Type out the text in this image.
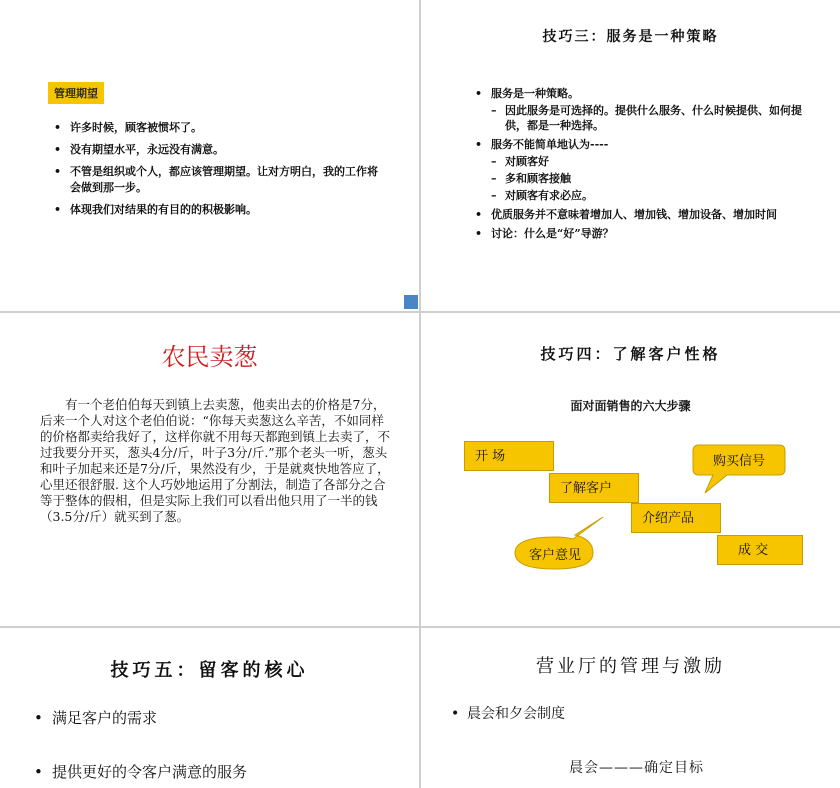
管理期望
• 许多时候，顾客被惯坏了。
• 没有期望水平，永远没有满意。
• 不管是组织或个人，都应该管理期望。让对方明白，我的工作将会做到那一步。
• 体现我们对结果的有目的的积极影响。
技巧三：服务是一种策略
• 服务是一种策略。
– 因此服务是可选择的。提供什么服务、什么时候提供、如何提供，都是一种选择。
• 服务不能简单地认为----
– 对顾客好
– 多和顾客接触
– 对顾客有求必应。
• 优质服务并不意味着增加人、增加钱、增加设备、增加时间
• 讨论：什么是“好”导游？
农民卖葱

有一个老伯伯每天到镇上去卖葱，他卖出去的价格是7分，后来一个人对这个老伯伯说：“你每天卖葱这么辛苦，不如同样的价格都卖给我好了，这样你就不用每天都跑到镇上去卖了，不过我要分开买，葱头4分/斤，叶子3分/斤.”那个老头一听，葱头和叶子加起来还是7分/斤，果然没有少，于是就爽快地答应了，心里还很舒服. 这个人巧妙地运用了分割法，制造了各部分之合等于整体的假相，但是实际上我们可以看出他只用了一半的钱（3.5分/斤）就买到了葱。

技巧四：了解客户性格
面对面销售的六大步骤
开 场
了解客户
介绍产品
成 交
购买信号
客户意见
技巧五：留客的核心
• 满足客户的需求
• 提供更好的令客户满意的服务
营业厅的管理与激励
• 晨会和夕会制度
晨会———确定目标
